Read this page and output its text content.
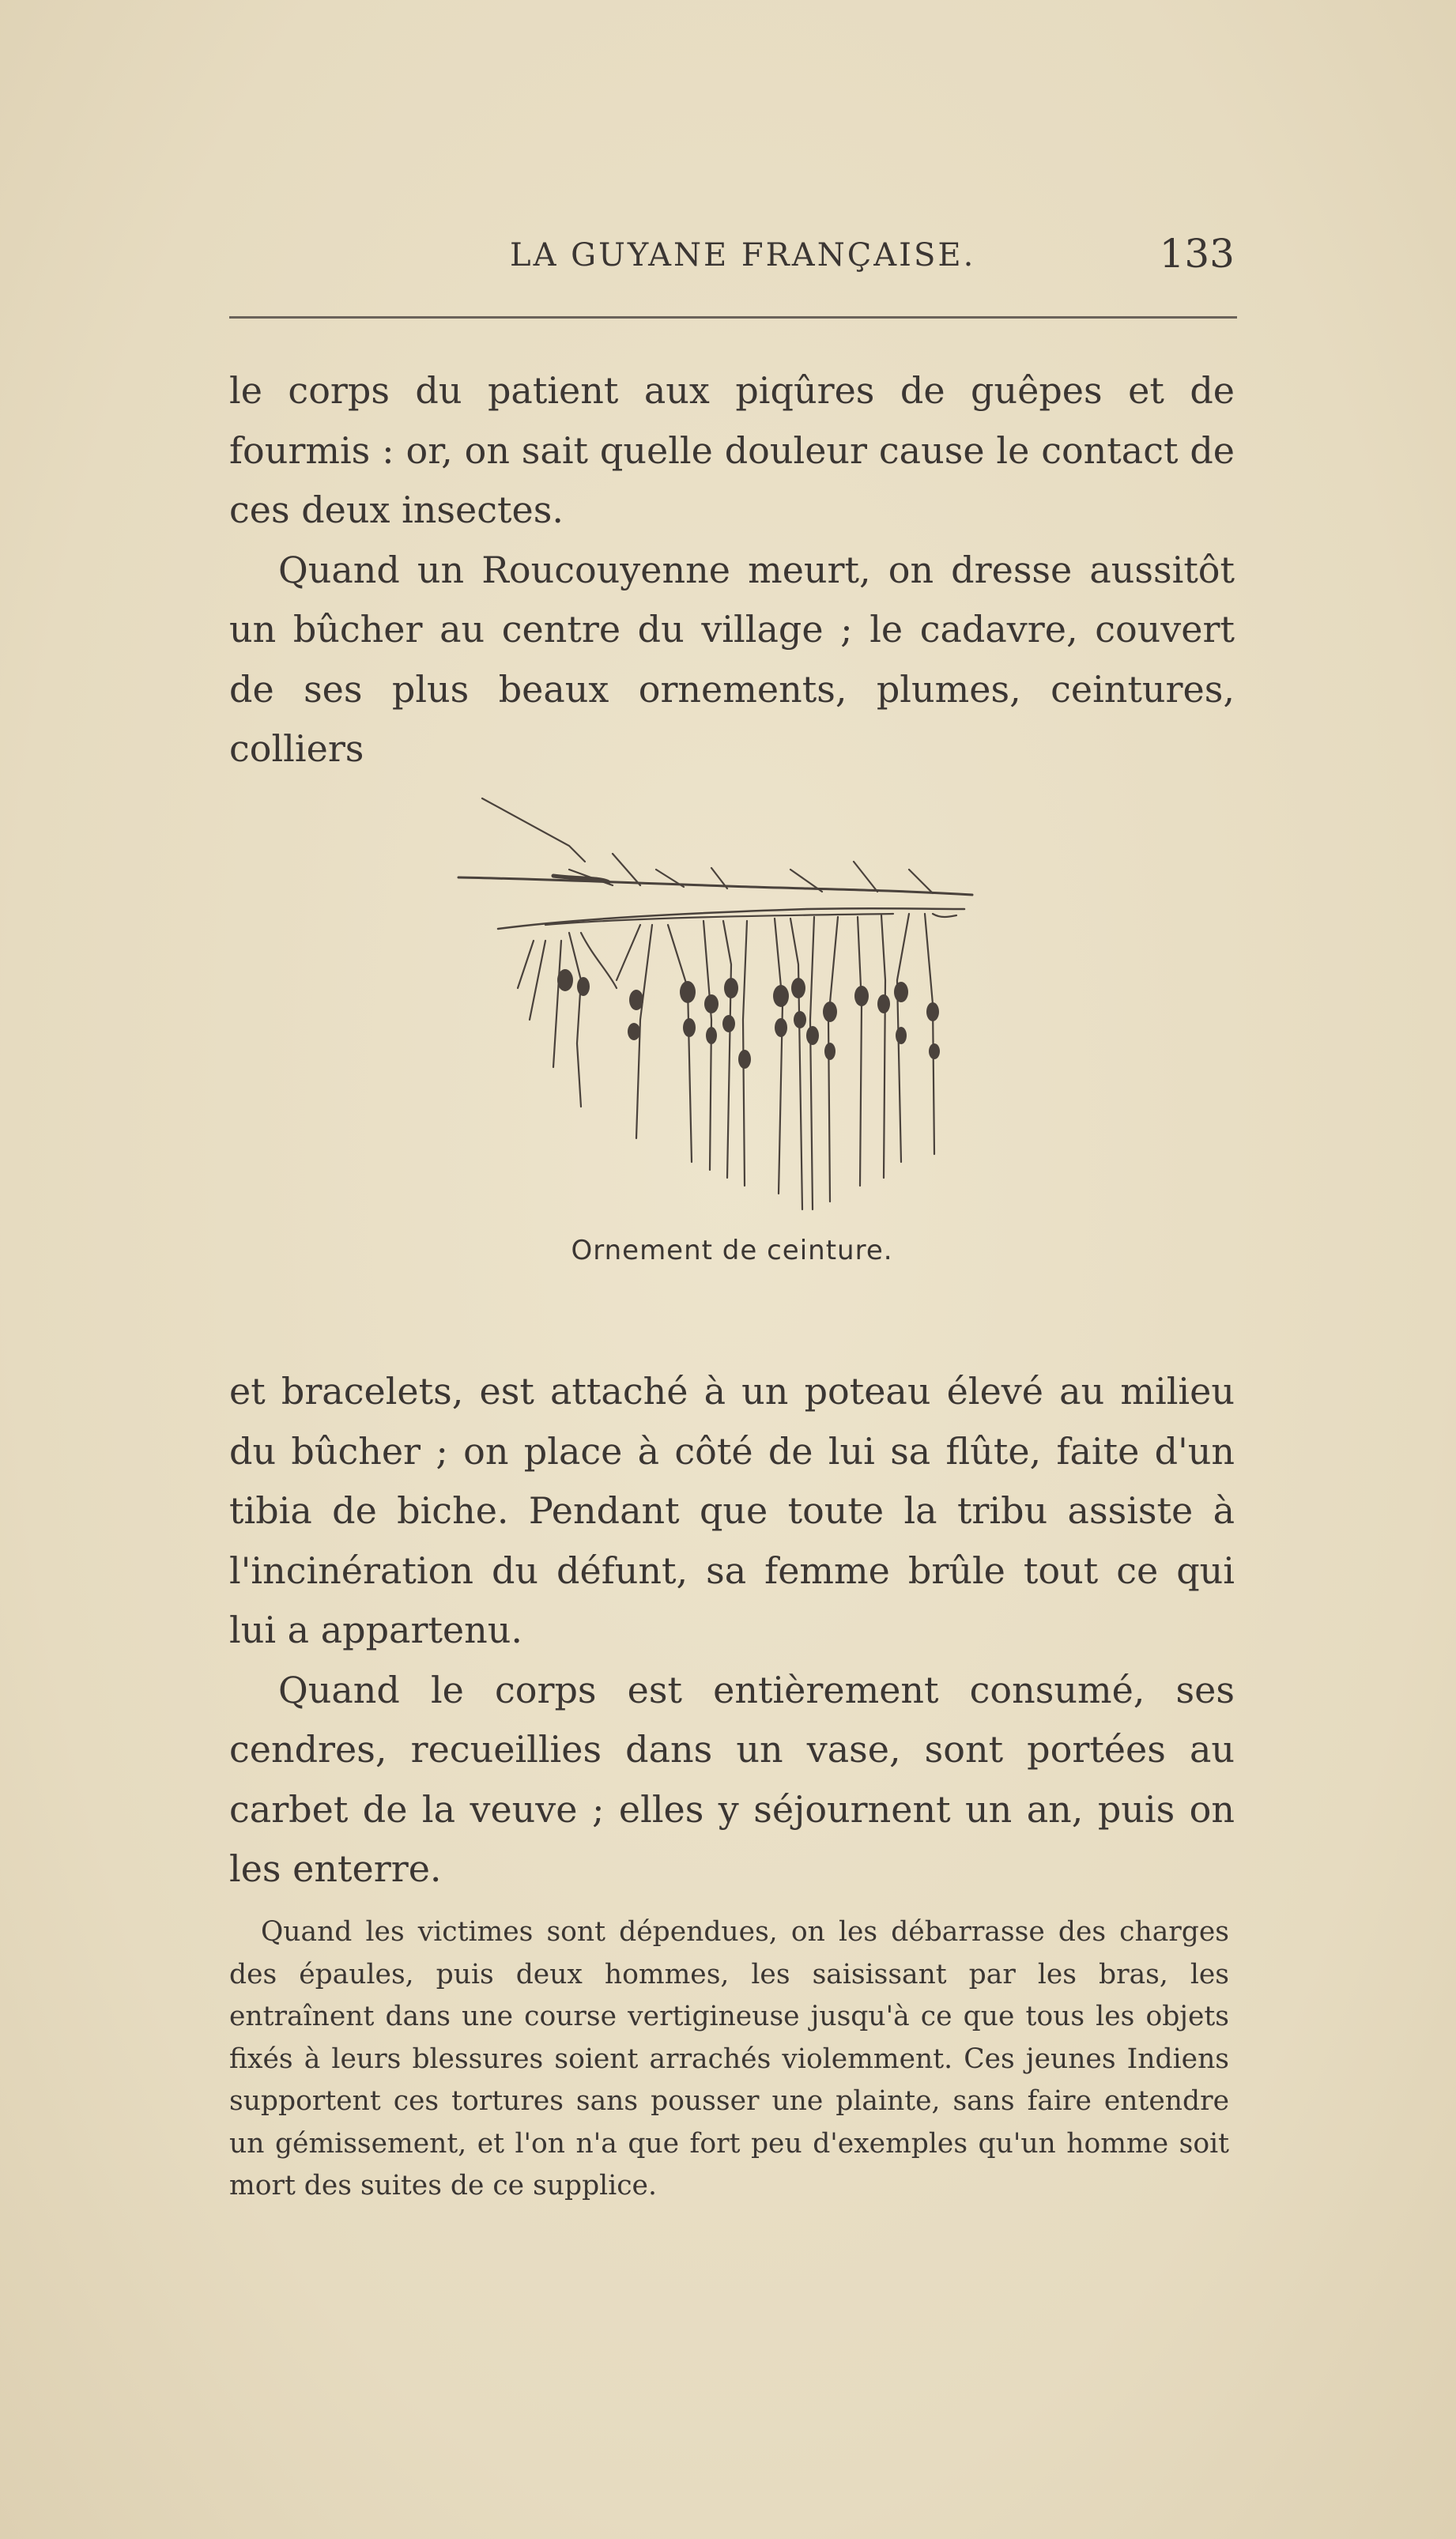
LA GUYANE FRANÇAISE.	133

le corps du patient aux piqûres de guêpes et de fourmis : or, on sait quelle douleur cause le contact de ces deux insectes.

Quand un Roucouyenne meurt, on dresse aussitôt un bûcher au centre du village ; le cadavre, couvert de ses plus beaux ornements, plumes, ceintures, colliers

Ornement de ceinture.

et bracelets, est attaché à un poteau élevé au milieu du bûcher ; on place à côté de lui sa flûte, faite d'un tibia de biche. Pendant que toute la tribu assiste à l'incinération du défunt, sa femme brûle tout ce qui lui a appartenu.

Quand le corps est entièrement consumé, ses cendres, recueillies dans un vase, sont portées au carbet de la veuve ; elles y séjournent un an, puis on les enterre.

Quand les victimes sont dépendues, on les débarrasse des charges des épaules, puis deux hommes, les saisissant par les bras, les entraînent dans une course vertigineuse jusqu'à ce que tous les objets fixés à leurs blessures soient arrachés violemment. Ces jeunes Indiens supportent ces tortures sans pousser une plainte, sans faire entendre un gémissement, et l'on n'a que fort peu d'exemples qu'un homme soit mort des suites de ce supplice.
